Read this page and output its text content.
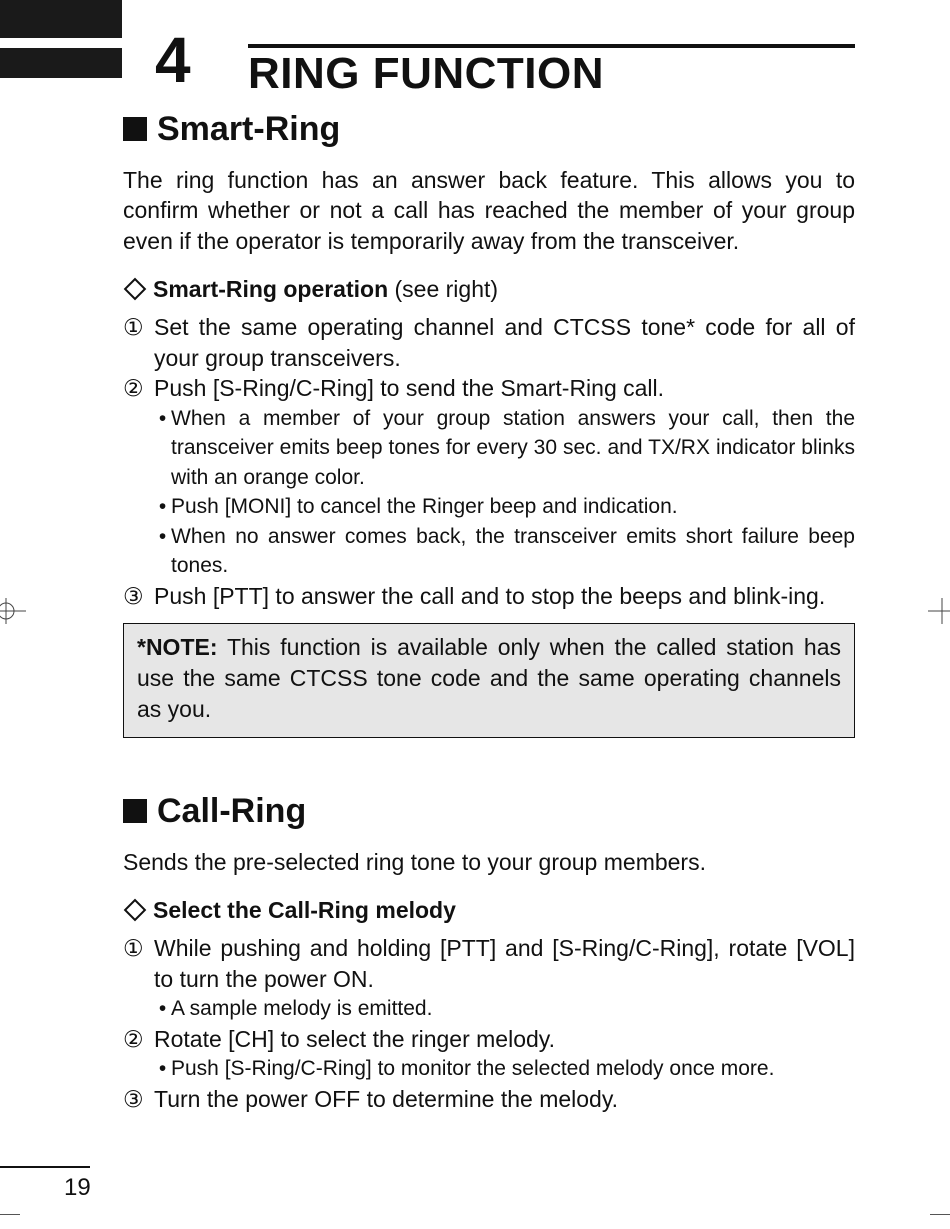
4 RING FUNCTION
Smart-Ring

The ring function has an answer back feature. This allows you to confirm whether or not a call has reached the member of your group even if the operator is temporarily away from the transceiver.

Smart-Ring operation (see right)
① Set the same operating channel and CTCSS tone* code for all of your group transceivers.
② Push [S-Ring/C-Ring] to send the Smart-Ring call.
• When a member of your group station answers your call, then the transceiver emits beep tones for every 30 sec. and TX/RX indicator blinks with an orange color.
• Push [MONI] to cancel the Ringer beep and indication.
• When no answer comes back, the transceiver emits short failure beep tones.
③ Push [PTT] to answer the call and to stop the beeps and blink-ing.
*NOTE: This function is available only when the called station has use the same CTCSS tone code and the same operating channels as you.
Call-Ring

Sends the pre-selected ring tone to your group members.

Select the Call-Ring melody
① While pushing and holding [PTT] and [S-Ring/C-Ring], rotate [VOL] to turn the power ON.
• A sample melody is emitted.
② Rotate [CH] to select the ringer melody.
• Push [S-Ring/C-Ring] to monitor the selected melody once more.
③ Turn the power OFF to determine the melody.
19
